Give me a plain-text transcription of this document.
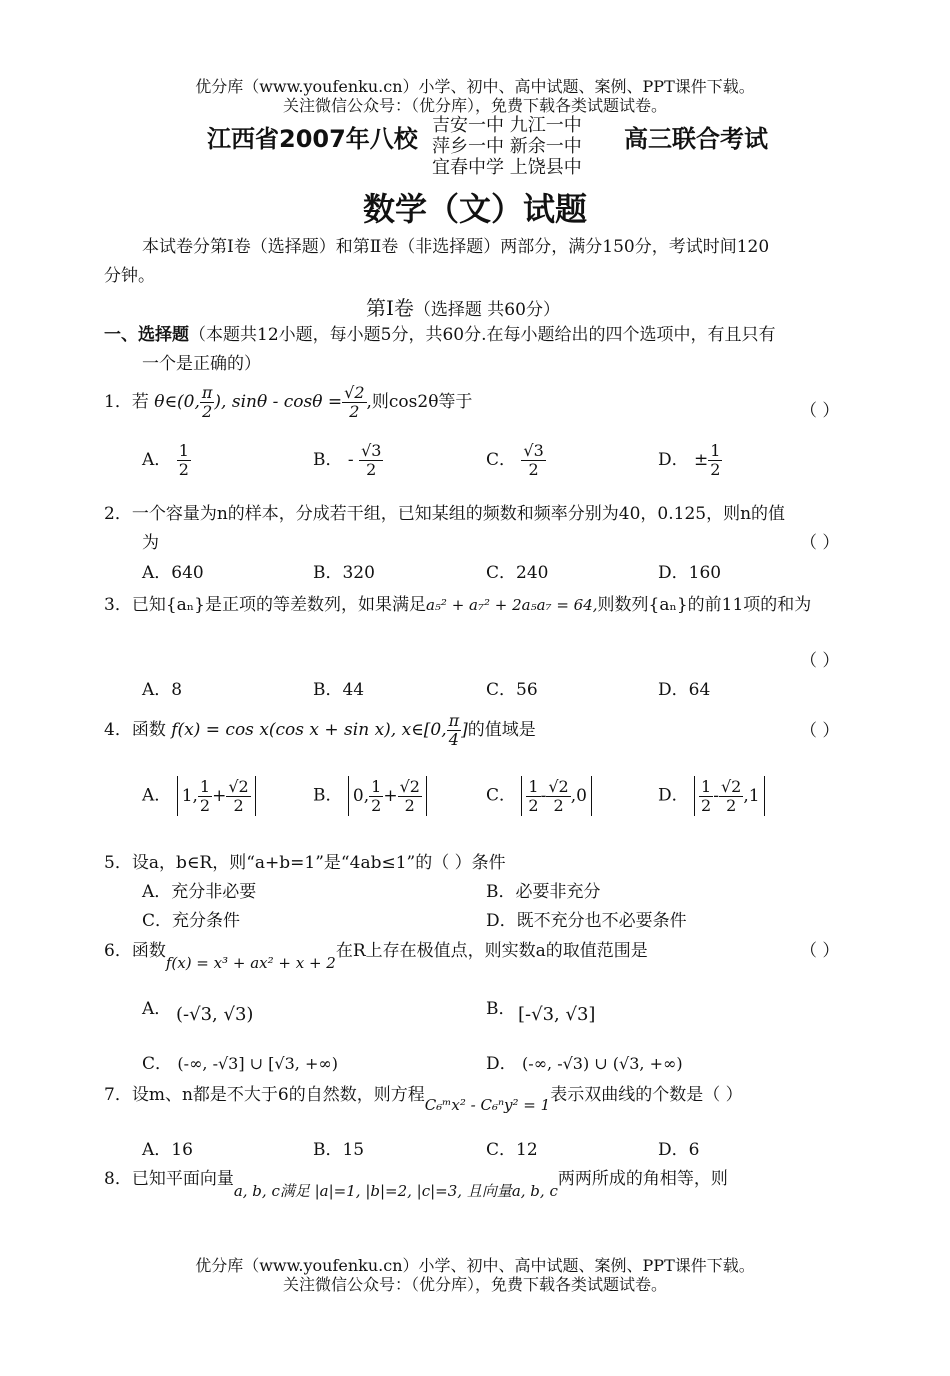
优分库（www.youfenku.cn）小学、初中、高中试题、案例、PPT课件下载。
关注微信公众号：（优分库），免费下载各类试题试卷。
江西省2007年八校 吉安一中 九江一中
萍乡一中 新余一中
宜春中学 上饶县中
高三联合考试
数学（文）试题
本试卷分第Ⅰ卷（选择题）和第Ⅱ卷（非选择题）两部分，满分150分，考试时间120
分钟。
第Ⅰ卷（选择题 共60分）
一、选择题（本题共12小题，每小题5分，共60分.在每小题给出的四个选项中，有且只有
一个是正确的）
1．若 θ∈(0, $\frac{\pi}{2}$ ), $\sin\theta - \cos\theta = \frac{√2}{2}$ ,则cos2θ等于	（ ）
A． $\frac{1}{2}$	B． - $\frac{√3}{2}$	C． $\frac{√3}{2}$	D． ± $\frac{1}{2}$
2．一个容量为n的样本，分成若干组，已知某组的频数和频率分别为40，0.125，则n的值
为	（ ）
A．640	B．320	C．240	D．160
3．已知{aₙ}是正项的等差数列，如果满足a₅² + a₇² + 2a₅a₇ = 64,则数列{aₙ}的前11项的和为
（ ）
A．8	B．44	C．56	D．64
4．函数 f(x) = cos x(cos x + sin x), x∈[0, $\frac{\pi}{4}$ ]的值域是	（ ）
A． 1, $\frac{1}{2} + \frac{√2}{2}$	B． 0, $\frac{1}{2} + \frac{√2}{2}$	C． $\frac{1}{2} - \frac{√2}{2} ,0$	D． $\frac{1}{2} - \frac{√2}{2} ,1$
5．设a，b∈R，则“a+b=1”是“4ab≤1”的（ ）条件
A．充分非必要	B．必要非充分
C．充分条件	D．既不充分也不必要条件
6．函数f(x) = x³ + ax² + x + 2在R上存在极值点，则实数a的取值范围是	（ ）
A． (-√3, √3)	B． [-√3, √3]
C． (-∞, -√3] ∪ [√3, +∞)	D． (-∞, -√3) ∪ (√3, +∞)
7．设m、n都是不大于6的自然数，则方程C₆ᵐx² - C₆ⁿy² = 1表示双曲线的个数是（ ）
A．16	B．15	C．12	D．6
8．已知平面向量a, b, c满足 |a|=1, |b|=2, |c|=3, 且向量a, b, c两两所成的角相等，则
优分库（www.youfenku.cn）小学、初中、高中试题、案例、PPT课件下载。
关注微信公众号：（优分库），免费下载各类试题试卷。
